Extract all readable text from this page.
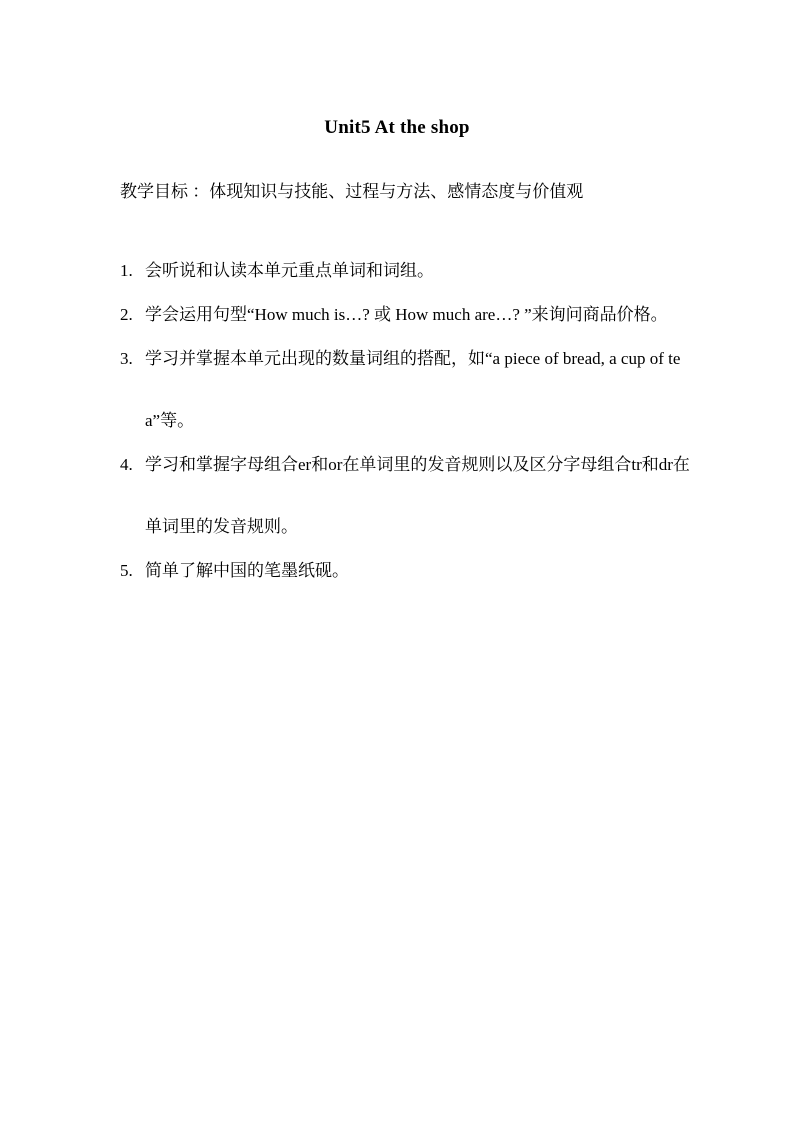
Unit5 At the shop
教学目标 ：体现知识与技能、过程与方法、感情态度与价值观
1. 会听说和认读本单元重点单词和词组。
2. 学会运用句型“How much is…? 或 How much are…? ”来询问商品价格。
3. 学习并掌握本单元出现的数量词组的搭配，如“a piece of bread, a cup of tea”等。
4. 学习和掌握字母组合er和or在单词里的发音规则以及区分字母组合tr和dr在单词里的发音规则。
5. 简单了解中国的笔墨纸砚。
